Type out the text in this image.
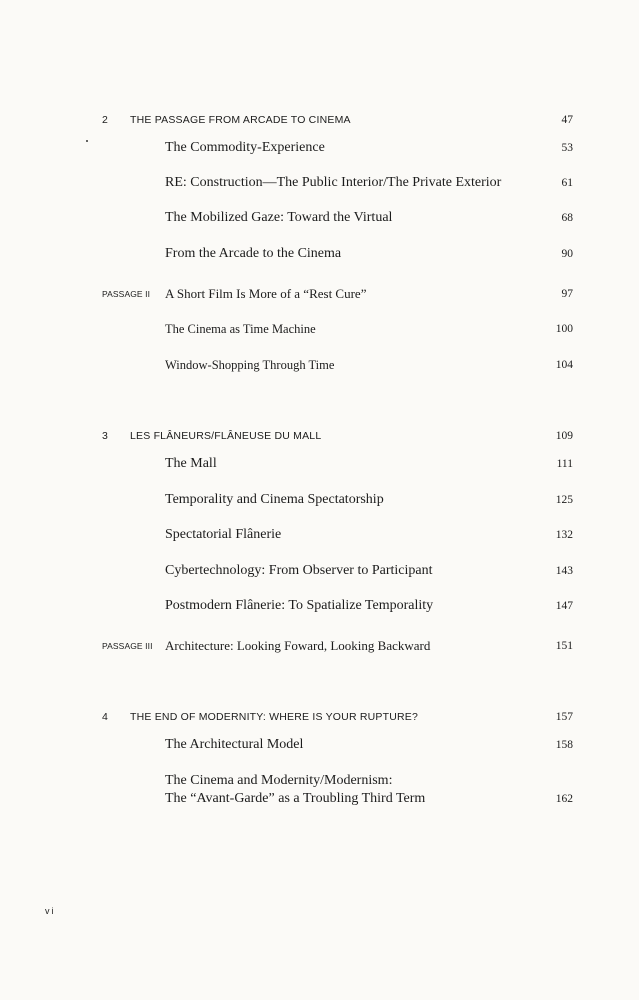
2 THE PASSAGE FROM ARCADE TO CINEMA	47
The Commodity-Experience	53
RE: Construction—The Public Interior/The Private Exterior	61
The Mobilized Gaze: Toward the Virtual	68
From the Arcade to the Cinema	90
PASSAGE II A Short Film Is More of a “Rest Cure”	97
The Cinema as Time Machine	100
Window-Shopping Through Time	104
3 LES FLÂNEURS/FLÂNEUSE DU MALL	109
The Mall	111
Temporality and Cinema Spectatorship	125
Spectatorial Flânerie	132
Cybertechnology: From Observer to Participant	143
Postmodern Flânerie: To Spatialize Temporality	147
PASSAGE III Architecture: Looking Foward, Looking Backward	151
4 THE END OF MODERNITY: WHERE IS YOUR RUPTURE?	157
The Architectural Model	158
The Cinema and Modernity/Modernism:
The “Avant-Garde” as a Troubling Third Term	162
vi
